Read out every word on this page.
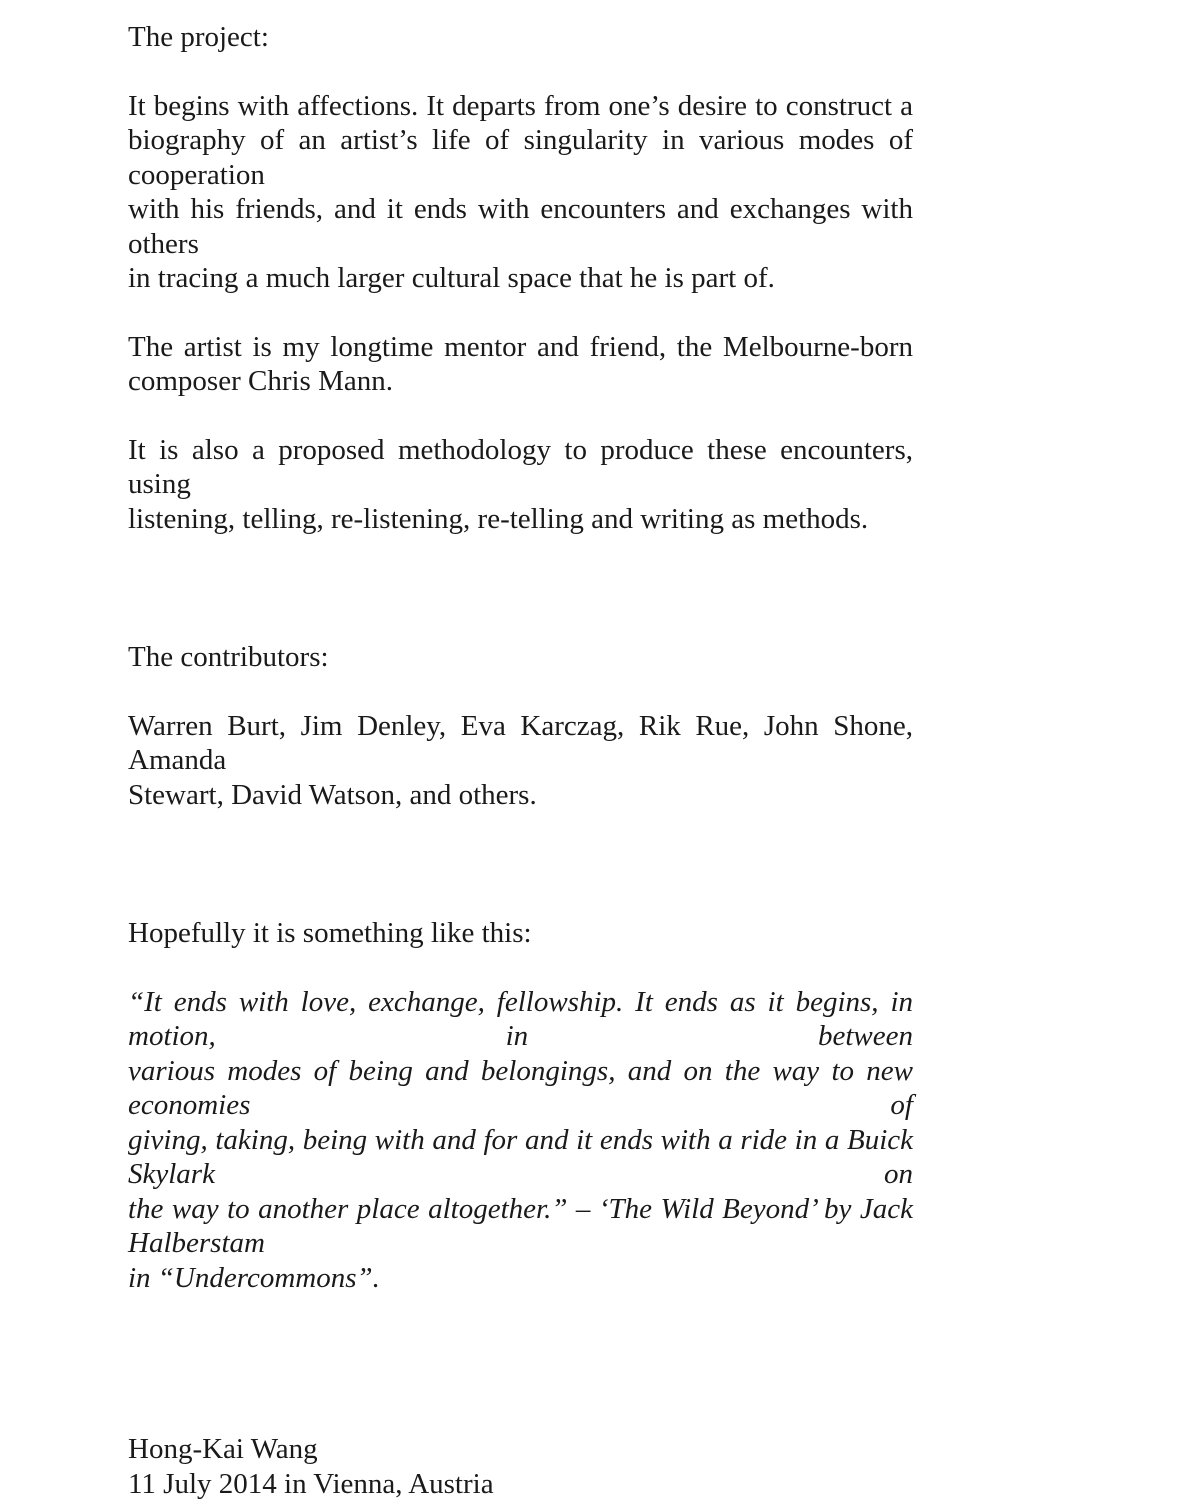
The project:
It begins with affections. It departs from one’s desire to construct a
biography of an artist’s life of singularity in various modes of cooperation
with his friends, and it ends with encounters and exchanges with others
in tracing a much larger cultural space that he is part of.
The artist is my longtime mentor and friend, the Melbourne-born
composer Chris Mann.
It is also a proposed methodology to produce these encounters, using
listening, telling, re-listening, re-telling and writing as methods.
The contributors:
Warren Burt, Jim Denley, Eva Karczag, Rik Rue, John Shone, Amanda
Stewart, David Watson, and others.
Hopefully it is something like this:
“It ends with love, exchange, fellowship. It ends as it begins, in motion, in between
various modes of being and belongings, and on the way to new economies of
giving, taking, being with and for and it ends with a ride in a Buick Skylark on
the way to another place altogether.” – ‘The Wild Beyond’ by Jack Halberstam
in “Undercommons”.
Hong-Kai Wang
11 July 2014 in Vienna, Austria
